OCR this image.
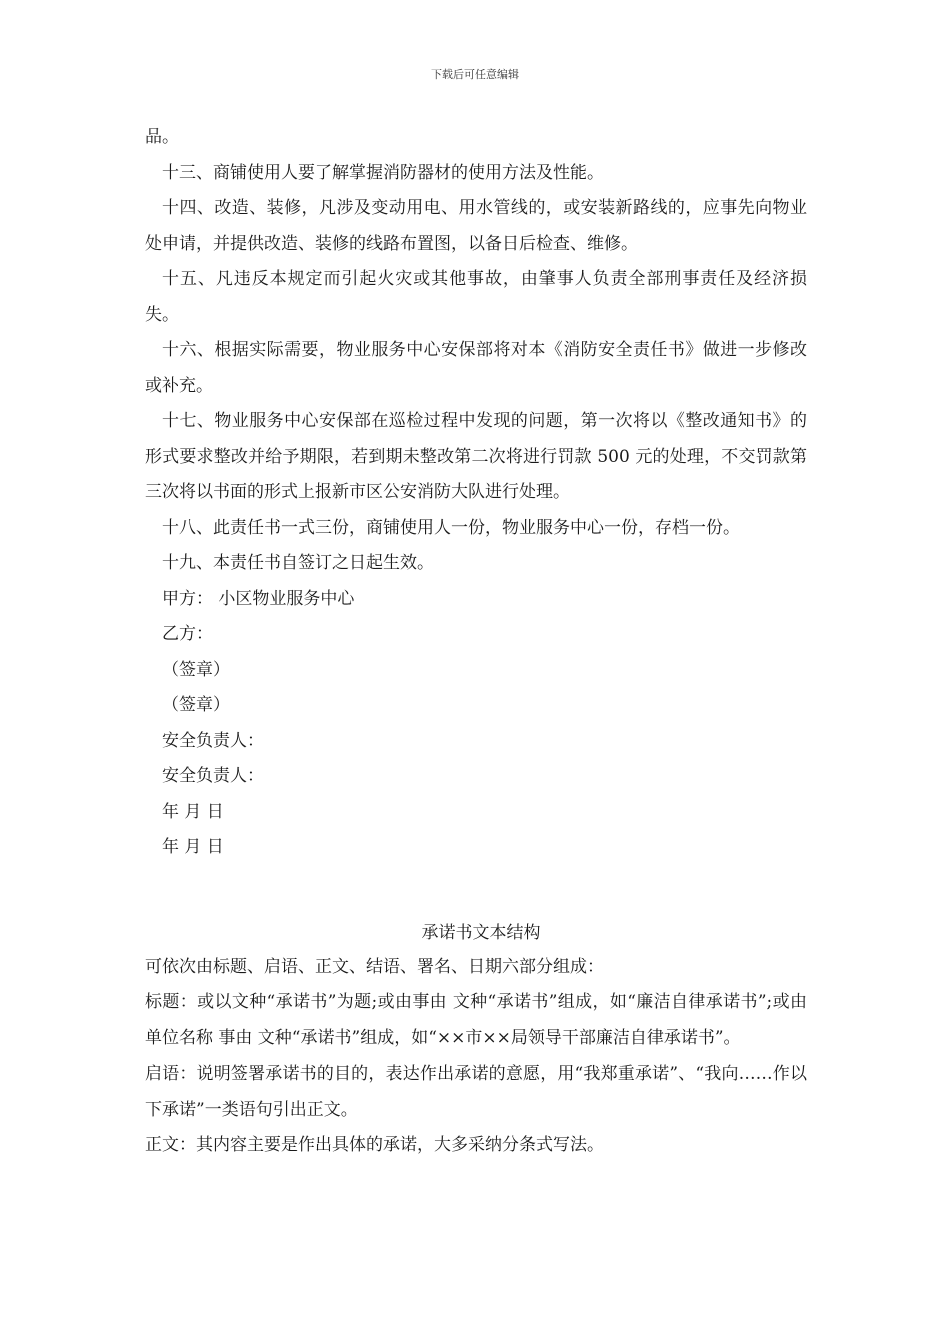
下载后可任意编辑

品。

十三、商铺使用人要了解掌握消防器材的使用方法及性能。

十四、改造、装修，凡涉及变动用电、用水管线的，或安装新路线的，应事先向物业处申请，并提供改造、装修的线路布置图，以备日后检查、维修。

十五、凡违反本规定而引起火灾或其他事故，由肇事人负责全部刑事责任及经济损失。

十六、根据实际需要，物业服务中心安保部将对本《消防安全责任书》做进一步修改或补充。

十七、物业服务中心安保部在巡检过程中发现的问题，第一次将以《整改通知书》的形式要求整改并给予期限，若到期未整改第二次将进行罚款 500 元的处理，不交罚款第三次将以书面的形式上报新市区公安消防大队进行处理。

十八、此责任书一式三份，商铺使用人一份，物业服务中心一份，存档一份。

十九、本责任书自签订之日起生效。

甲方： 小区物业服务中心

乙方：

（签章）

（签章）

安全负责人：

安全负责人：

年 月 日

年 月 日

承诺书文本结构

可依次由标题、启语、正文、结语、署名、日期六部分组成：

标题：或以文种“承诺书”为题;或由事由 文种“承诺书”组成，如“廉洁自律承诺书”;或由单位名称 事由 文种“承诺书”组成，如“××市××局领导干部廉洁自律承诺书”。

启语：说明签署承诺书的目的，表达作出承诺的意愿，用“我郑重承诺”、“我向……作以下承诺”一类语句引出正文。

正文：其内容主要是作出具体的承诺，大多采纳分条式写法。
